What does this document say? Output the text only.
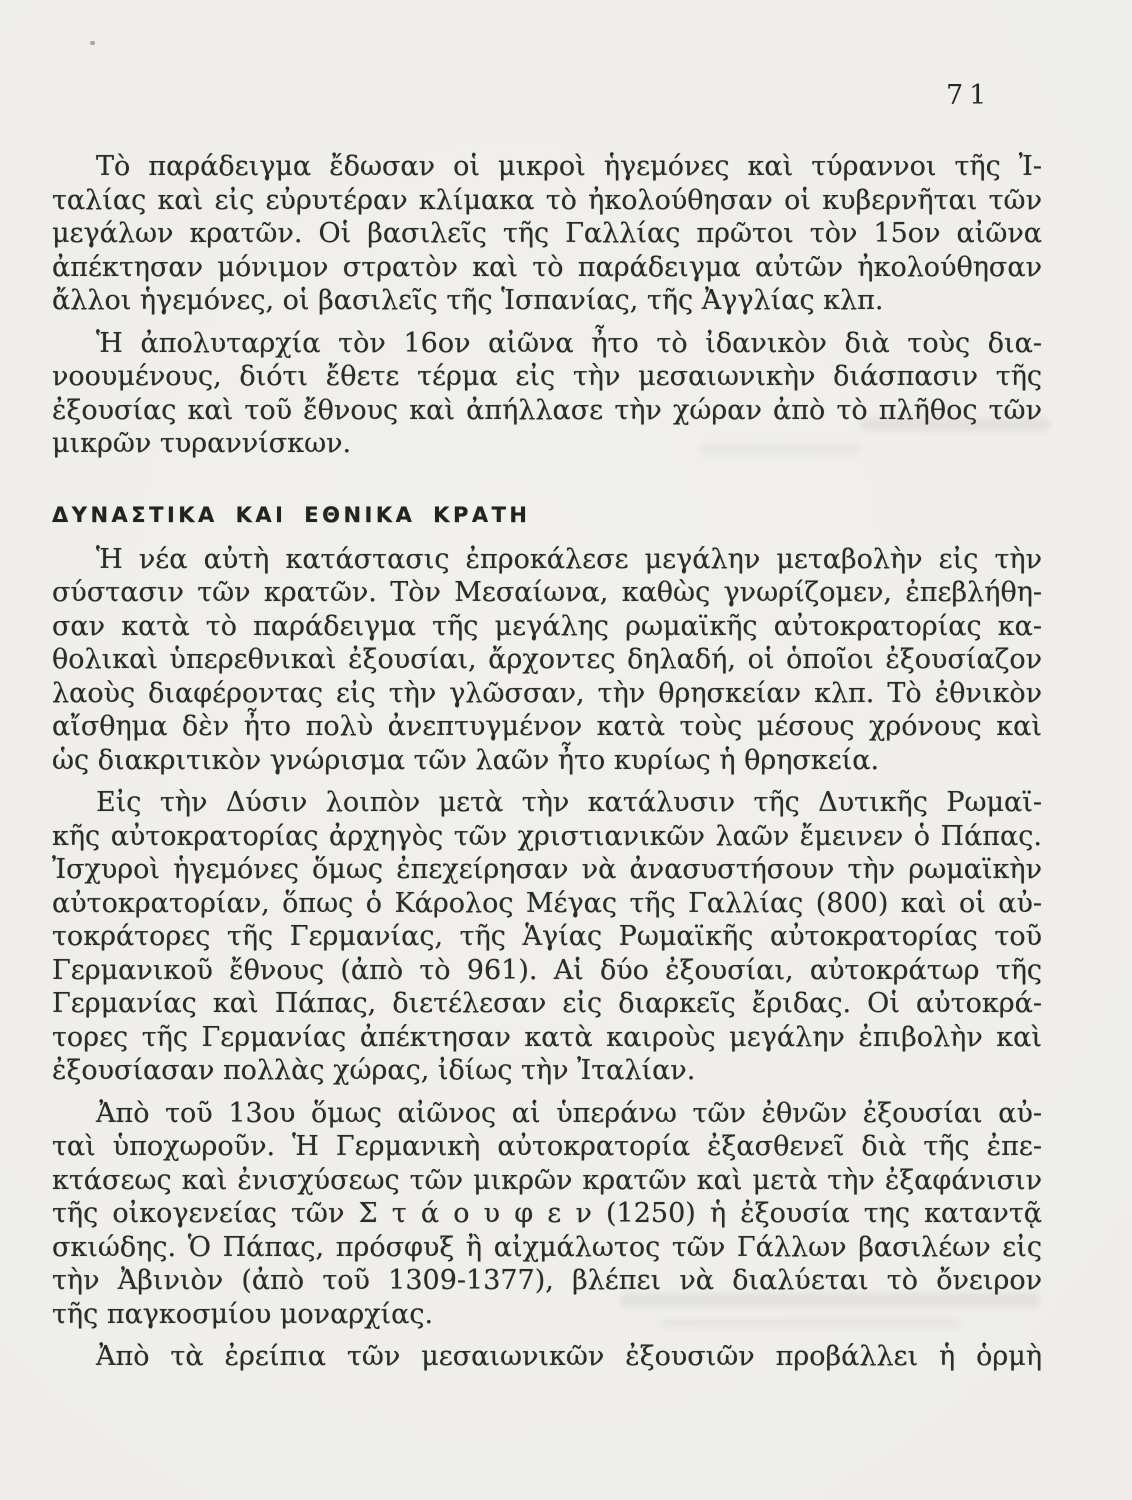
71
Τὸ παράδειγμα ἔδωσαν οἱ μικροὶ ἡγεμόνες καὶ τύραννοι τῆς Ἰ-
ταλίας καὶ εἰς εὐρυτέραν κλίμακα τὸ ἠκολούθησαν οἱ κυβερνῆται τῶν
μεγάλων κρατῶν. Οἱ βασιλεῖς τῆς Γαλλίας πρῶτοι τὸν 15ον αἰῶνα
ἀπέκτησαν μόνιμον στρατὸν καὶ τὸ παράδειγμα αὐτῶν ἠκολούθησαν
ἄλλοι ἡγεμόνες, οἱ βασιλεῖς τῆς Ἱσπανίας, τῆς Ἀγγλίας κλπ.
Ἡ ἀπολυταρχία τὸν 16ον αἰῶνα ἦτο τὸ ἰδανικὸν διὰ τοὺς δια-
νοουμένους, διότι ἔθετε τέρμα εἰς τὴν μεσαιωνικὴν διάσπασιν τῆς
ἐξουσίας καὶ τοῦ ἔθνους καὶ ἀπήλλασε τὴν χώραν ἀπὸ τὸ πλῆθος τῶν
μικρῶν τυραννίσκων.
ΔΥΝΑΣΤΙΚΑ ΚΑΙ ΕΘΝΙΚΑ ΚΡΑΤΗ
Ἡ νέα αὐτὴ κατάστασις ἐπροκάλεσε μεγάλην μεταβολὴν εἰς τὴν
σύστασιν τῶν κρατῶν. Τὸν Μεσαίωνα, καθὼς γνωρίζομεν, ἐπεβλήθη-
σαν κατὰ τὸ παράδειγμα τῆς μεγάλης ρωμαϊκῆς αὐτοκρατορίας κα-
θολικαὶ ὑπερεθνικαὶ ἐξουσίαι, ἄρχοντες δηλαδή, οἱ ὁποῖοι ἐξουσίαζον
λαοὺς διαφέροντας εἰς τὴν γλῶσσαν, τὴν θρησκείαν κλπ. Τὸ ἐθνικὸν
αἴσθημα δὲν ἦτο πολὺ ἀνεπτυγμένον κατὰ τοὺς μέσους χρόνους καὶ
ὡς διακριτικὸν γνώρισμα τῶν λαῶν ἦτο κυρίως ἡ θρησκεία.
Εἰς τὴν Δύσιν λοιπὸν μετὰ τὴν κατάλυσιν τῆς Δυτικῆς Ρωμαϊ-
κῆς αὐτοκρατορίας ἀρχηγὸς τῶν χριστιανικῶν λαῶν ἔμεινεν ὁ Πάπας.
Ἰσχυροὶ ἡγεμόνες ὅμως ἐπεχείρησαν νὰ ἀνασυστήσουν τὴν ρωμαϊκὴν
αὐτοκρατορίαν, ὅπως ὁ Κάρολος Μέγας τῆς Γαλλίας (800) καὶ οἱ αὐ-
τοκράτορες τῆς Γερμανίας, τῆς Ἁγίας Ρωμαϊκῆς αὐτοκρατορίας τοῦ
Γερμανικοῦ ἔθνους (ἀπὸ τὸ 961). Αἱ δύο ἐξουσίαι, αὐτοκράτωρ τῆς
Γερμανίας καὶ Πάπας, διετέλεσαν εἰς διαρκεῖς ἔριδας. Οἱ αὐτοκρά-
τορες τῆς Γερμανίας ἀπέκτησαν κατὰ καιροὺς μεγάλην ἐπιβολὴν καὶ
ἐξουσίασαν πολλὰς χώρας, ἰδίως τὴν Ἰταλίαν.
Ἀπὸ τοῦ 13ου ὅμως αἰῶνος αἱ ὑπεράνω τῶν ἐθνῶν ἐξουσίαι αὐ-
ταὶ ὑποχωροῦν. Ἡ Γερμανικὴ αὐτοκρατορία ἐξασθενεῖ διὰ τῆς ἐπε-
κτάσεως καὶ ἐνισχύσεως τῶν μικρῶν κρατῶν καὶ μετὰ τὴν ἐξαφάνισιν
τῆς οἰκογενείας τῶν Σ τ ά ο υ φ ε ν (1250) ἡ ἐξουσία της καταντᾷ
σκιώδης. Ὁ Πάπας, πρόσφυξ ἢ αἰχμάλωτος τῶν Γάλλων βασιλέων εἰς
τὴν Ἀβινιὸν (ἀπὸ τοῦ 1309-1377), βλέπει νὰ διαλύεται τὸ ὄνειρον
τῆς παγκοσμίου μοναρχίας.
Ἀπὸ τὰ ἐρείπια τῶν μεσαιωνικῶν ἐξουσιῶν προβάλλει ἡ ὁρμὴ
